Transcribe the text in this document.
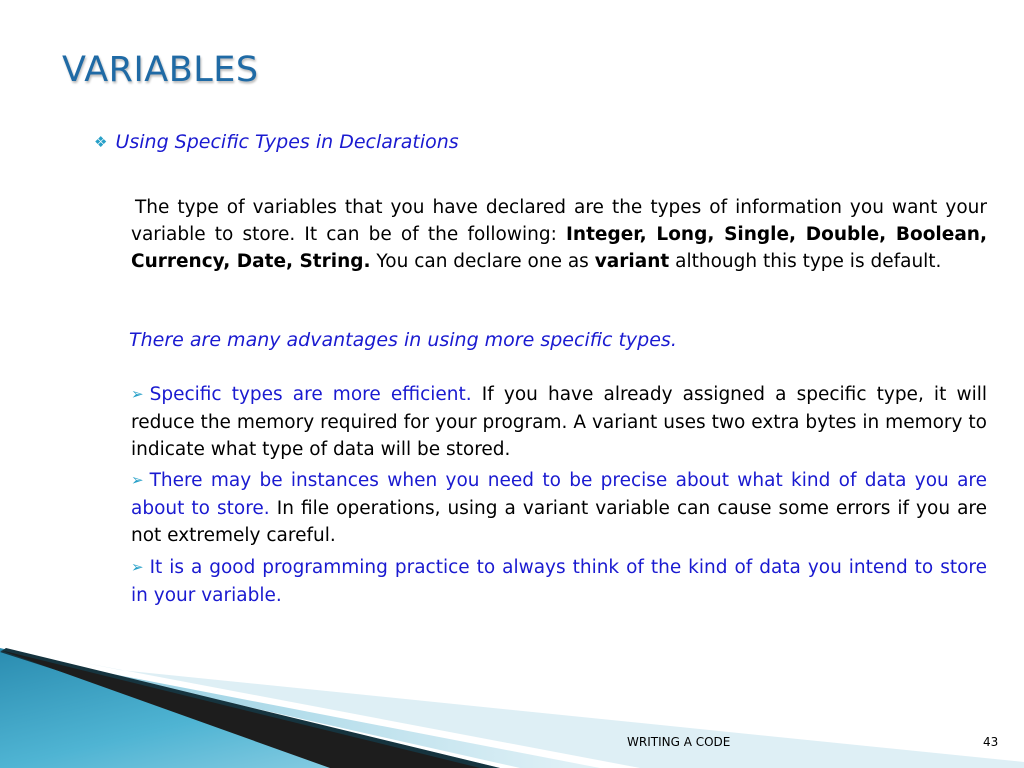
VARIABLES
❖ Using Specific Types in Declarations
The type of variables that you have declared are the types of information you want your variable to store. It can be of the following: Integer, Long, Single, Double, Boolean, Currency, Date, String. You can declare one as variant although this type is default.
There are many advantages in using more specific types.
➢ Specific types are more efficient. If you have already assigned a specific type, it will reduce the memory required for your program. A variant uses two extra bytes in memory to indicate what type of data will be stored.
➢ There may be instances when you need to be precise about what kind of data you are about to store. In file operations, using a variant variable can cause some errors if you are not extremely careful.
➢ It is a good programming practice to always think of the kind of data you intend to store in your variable.
WRITING A CODE	43
